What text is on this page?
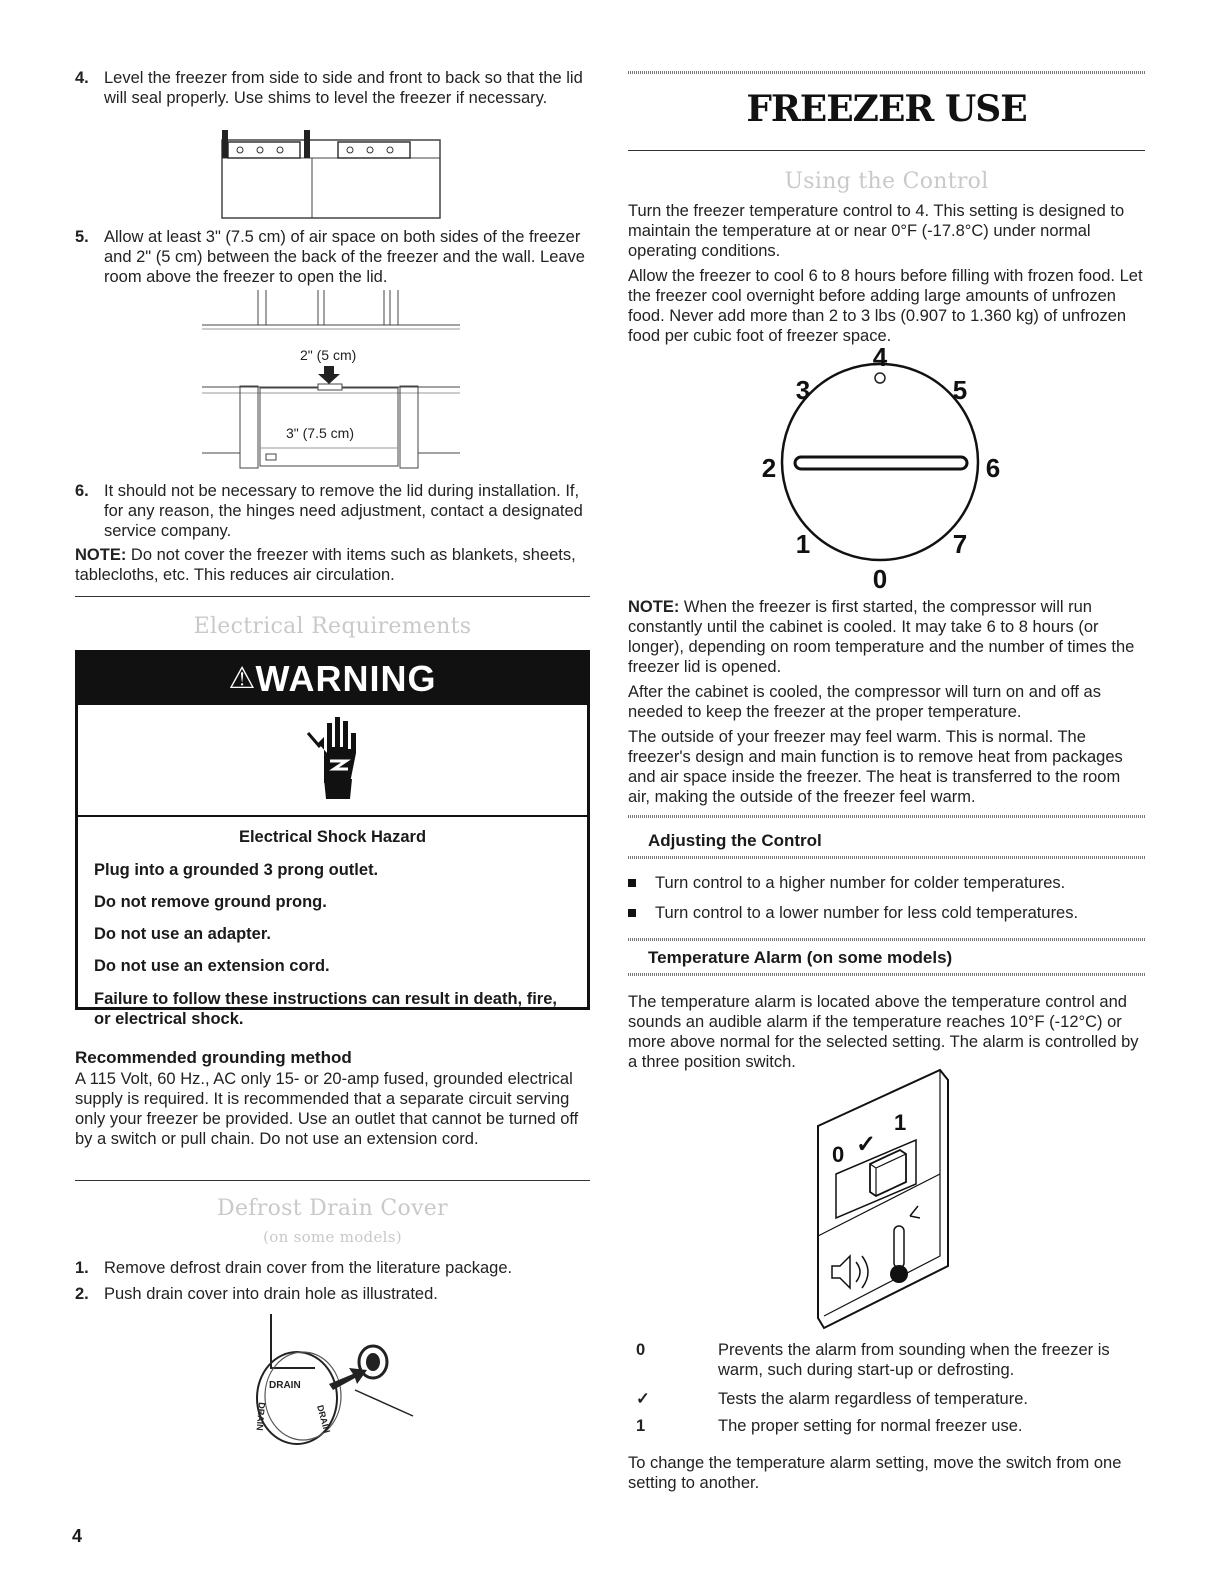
4. Level the freezer from side to side and front to back so that the lid will seal properly. Use shims to level the freezer if necessary.
5. Allow at least 3" (7.5 cm) of air space on both sides of the freezer and 2" (5 cm) between the back of the freezer and the wall. Leave room above the freezer to open the lid.
2" (5 cm)
3" (7.5 cm)
6. It should not be necessary to remove the lid during installation. If, for any reason, the hinges need adjustment, contact a designated service company.
NOTE: Do not cover the freezer with items such as blankets, sheets, tablecloths, etc. This reduces air circulation.
Electrical Requirements
⚠WARNING
Electrical Shock Hazard
Plug into a grounded 3 prong outlet.
Do not remove ground prong.
Do not use an adapter.
Do not use an extension cord.
Failure to follow these instructions can result in death, fire, or electrical shock.
Recommended grounding method
A 115 Volt, 60 Hz., AC only 15- or 20-amp fused, grounded electrical supply is required. It is recommended that a separate circuit serving only your freezer be provided. Use an outlet that cannot be turned off by a switch or pull chain. Do not use an extension cord.
Defrost Drain Cover
(on some models)
1. Remove defrost drain cover from the literature package.
2. Push drain cover into drain hole as illustrated.
DRAIN
DRAIN
DRAIN
4
FREEZER USE
Using the Control
Turn the freezer temperature control to 4. This setting is designed to maintain the temperature at or near 0°F (-17.8°C) under normal operating conditions.
Allow the freezer to cool 6 to 8 hours before filling with frozen food. Let the freezer cool overnight before adding large amounts of unfrozen food. Never add more than 2 to 3 lbs (0.907 to 1.360 kg) of unfrozen food per cubic foot of freezer space.
4
3	5
2	6
1	7
0
NOTE: When the freezer is first started, the compressor will run constantly until the cabinet is cooled. It may take 6 to 8 hours (or longer), depending on room temperature and the number of times the freezer lid is opened.
After the cabinet is cooled, the compressor will turn on and off as needed to keep the freezer at the proper temperature.
The outside of your freezer may feel warm. This is normal. The freezer's design and main function is to remove heat from packages and air space inside the freezer. The heat is transferred to the room air, making the outside of the freezer feel warm.
Adjusting the Control
Turn control to a higher number for colder temperatures.
Turn control to a lower number for less cold temperatures.
Temperature Alarm (on some models)
The temperature alarm is located above the temperature control and sounds an audible alarm if the temperature reaches 10°F (-12°C) or more above normal for the selected setting. The alarm is controlled by a three position switch.
0 ✓
1
0	Prevents the alarm from sounding when the freezer is warm, such during start-up or defrosting.
✓	Tests the alarm regardless of temperature.
1	The proper setting for normal freezer use.
To change the temperature alarm setting, move the switch from one setting to another.
